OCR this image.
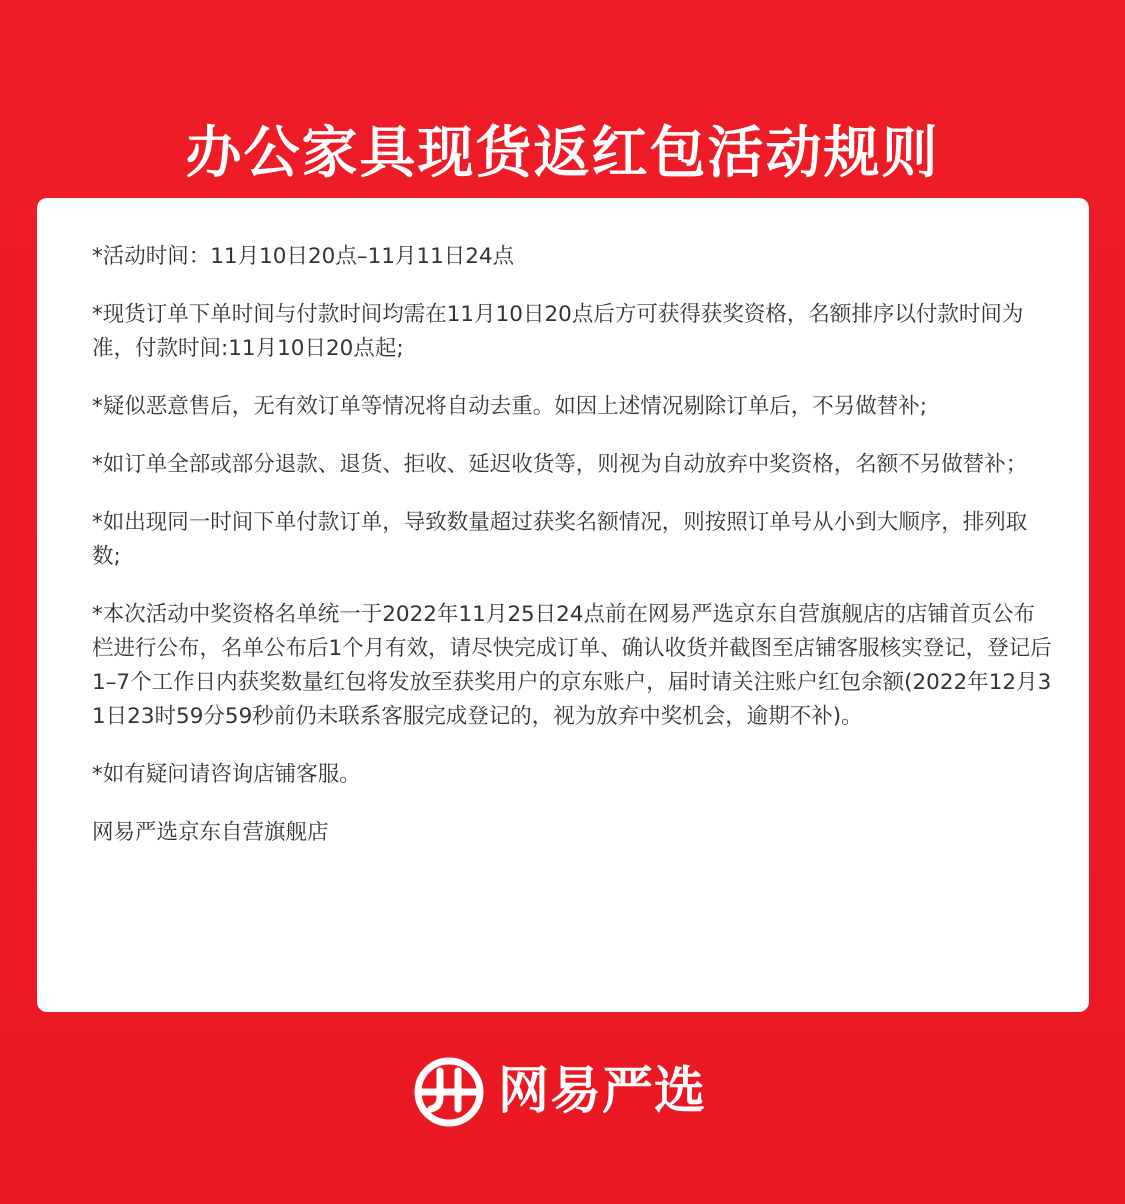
办公家具现货返红包活动规则
*活动时间：11月10日20点–11月11日24点
*现货订单下单时间与付款时间均需在11月10日20点后方可获得获奖资格，名额排序以付款时间为准，付款时间:11月10日20点起;
*疑似恶意售后，无有效订单等情况将自动去重。如因上述情况剔除订单后，不另做替补;
*如订单全部或部分退款、退货、拒收、延迟收货等，则视为自动放弃中奖资格，名额不另做替补；
*如出现同一时间下单付款订单，导致数量超过获奖名额情况，则按照订单号从小到大顺序，排列取数;
*本次活动中奖资格名单统一于2022年11月25日24点前在网易严选京东自营旗舰店的店铺首页公布栏进行公布，名单公布后1个月有效，请尽快完成订单、确认收货并截图至店铺客服核实登记，登记后1–7个工作日内获奖数量红包将发放至获奖用户的京东账户，届时请关注账户红包余额(2022年12月31日23时59分59秒前仍未联系客服完成登记的，视为放弃中奖机会，逾期不补)。
*如有疑问请咨询店铺客服。
网易严选京东自营旗舰店
网易严选
